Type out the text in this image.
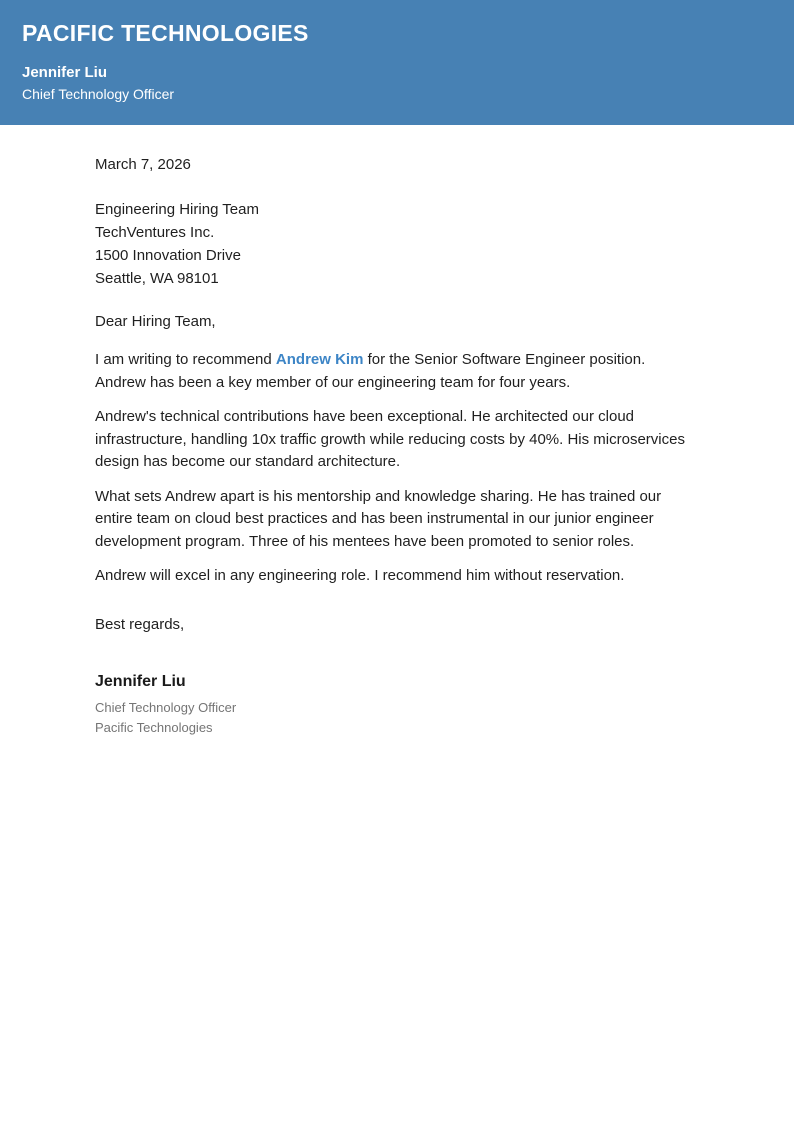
PACIFIC TECHNOLOGIES
Jennifer Liu
Chief Technology Officer

March 7, 2026

Engineering Hiring Team
TechVentures Inc.
1500 Innovation Drive
Seattle, WA 98101

Dear Hiring Team,

I am writing to recommend Andrew Kim for the Senior Software Engineer position. Andrew has been a key member of our engineering team for four years.

Andrew's technical contributions have been exceptional. He architected our cloud infrastructure, handling 10x traffic growth while reducing costs by 40%. His microservices design has become our standard architecture.

What sets Andrew apart is his mentorship and knowledge sharing. He has trained our entire team on cloud best practices and has been instrumental in our junior engineer development program. Three of his mentees have been promoted to senior roles.

Andrew will excel in any engineering role. I recommend him without reservation.

Best regards,

Jennifer Liu
Chief Technology Officer
Pacific Technologies
